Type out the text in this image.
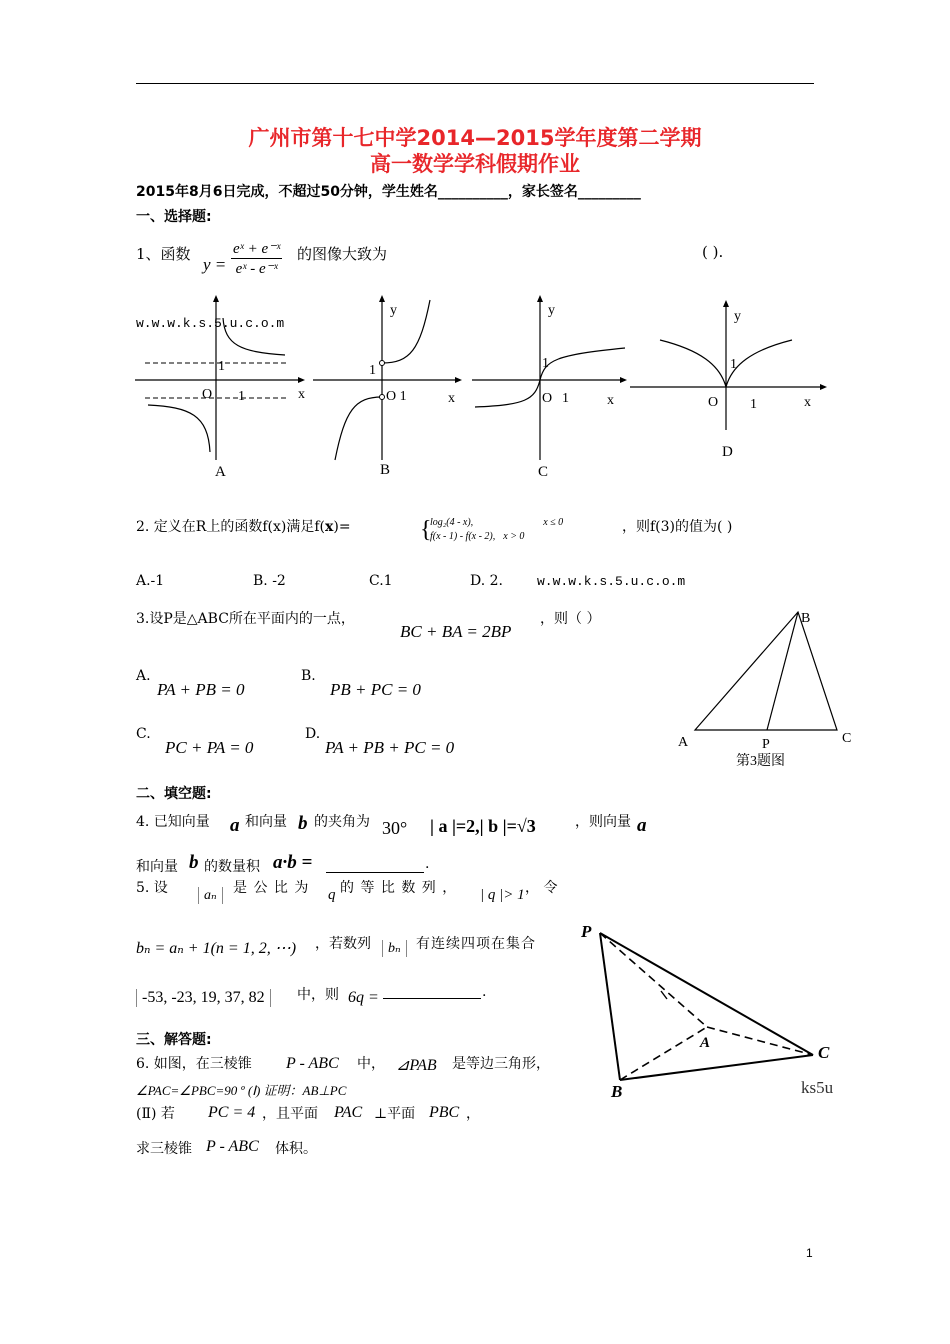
广州市第十七中学2014—2015学年度第二学期
高一数学学科假期作业
2015年8月6日完成，不超过50分钟，学生姓名__________，家长签名_________
一、选择题:
1、函数
$y = \frac{\text{eˣ + e⁻ˣ}}{\text{eˣ - e⁻ˣ}}$ 的图像大致为	( ).
w.w.w.k.s.5.u.c.o.m
1
O 1	x
A
y
1
O 1	x
B
y
1
O 1	x
C
y
1
O 1	x
D
2. 定义在R上的函数f(x)满足f(x)=	{
log₂(4 - x),	x ≤ 0
f(x - 1) - f(x - 2), x > 0
，则f(3)的值为( )
A.-1	B. -2	C.1	D. 2.	w.w.w.k.s.5.u.c.o.m
3.设P是△ABC所在平面内的一点，
BC + BA = 2BP
，则（ ）
A.
PA + PB = 0
B.
PB + PC = 0
C.
PC + PA = 0
D.
PA + PB + PC = 0
B
A	P	C
第3题图
二、填空题:
4. 已知向量 a 和向量 b 的夹角为 30° | a |=2,| b |=√3	，则向量 a
和向量 b 的数量积 a·b =	.
5. 设	aₙ	是 公 比 为 q 的 等 比 数 列 ， | q |> 1 ， 令
bₙ = aₙ + 1(n = 1, 2, ⋯) ，若数列	bₙ	有连续四项在集合
-53, -23, 19, 37, 82	中，则 6q =	.
三、解答题:
6. 如图，在三棱锥 P - ABC 中， ⊿PAB 是等边三角形，
∠PAC=∠PBC=90 º (Ⅰ) 证明：AB⊥PC
(Ⅱ) 若 PC = 4 ，且平面 PAC ⊥平面 PBC ，
求三棱锥 P - ABC 体积。
P
A
B
C
ks5u
1
